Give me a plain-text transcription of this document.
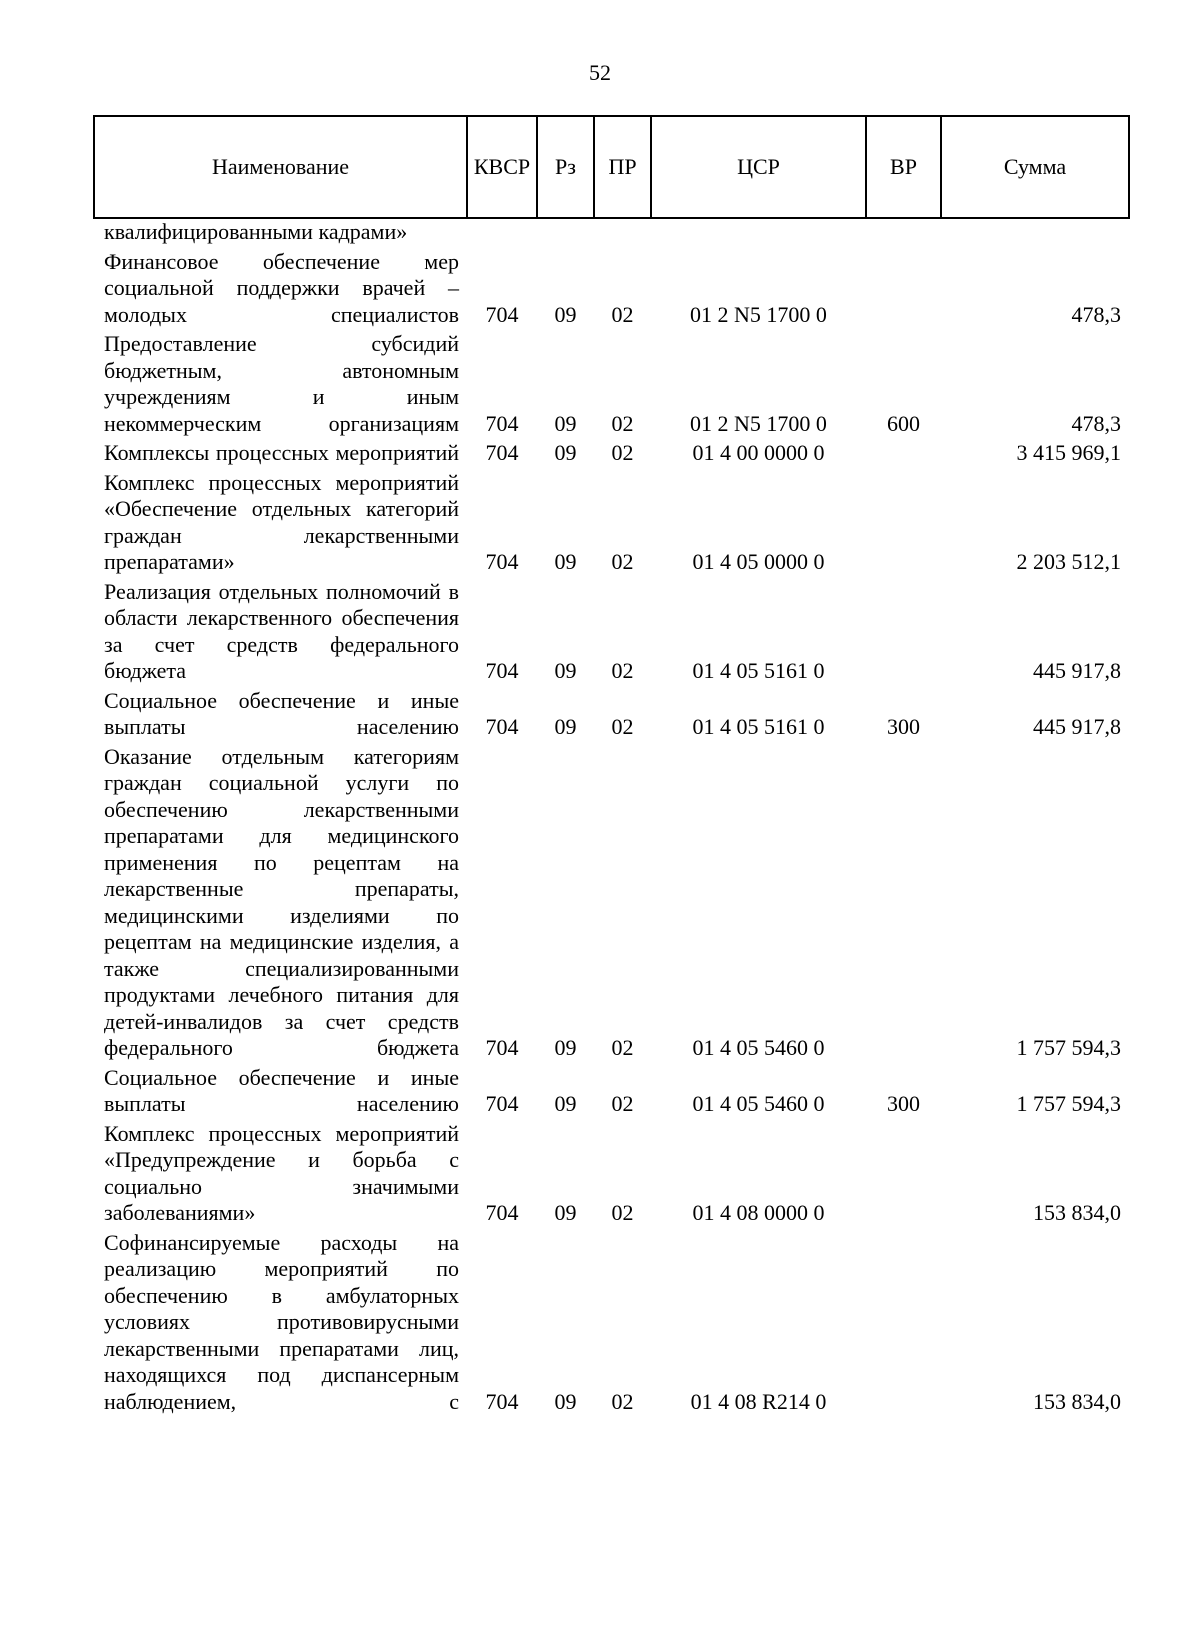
52
Наименование	КВСР	Рз	ПР	ЦСР	ВР	Сумма
квалифицированными кадрами»						
Финансовое обеспечение мер социальной поддержки врачей – молодых специалистов	704	09	02	01 2 N5 1700 0		478,3
Предоставление субсидий бюджетным, автономным учреждениям и иным некоммерческим организациям	704	09	02	01 2 N5 1700 0	600	478,3
Комплексы процессных мероприятий	704	09	02	01 4 00 0000 0		3 415 969,1
Комплекс процессных мероприятий «Обеспечение отдельных категорий граждан лекарственными препаратами»	704	09	02	01 4 05 0000 0		2 203 512,1
Реализация отдельных полномочий в области лекарственного обеспечения за счет средств федерального бюджета	704	09	02	01 4 05 5161 0		445 917,8
Социальное обеспечение и иные выплаты населению	704	09	02	01 4 05 5161 0	300	445 917,8
Оказание отдельным категориям граждан социальной услуги по обеспечению лекарственными препаратами для медицинского применения по рецептам на лекарственные препараты, медицинскими изделиями по рецептам на медицинские изделия, а также специализированными продуктами лечебного питания для детей-инвалидов за счет средств федерального бюджета	704	09	02	01 4 05 5460 0		1 757 594,3
Социальное обеспечение и иные выплаты населению	704	09	02	01 4 05 5460 0	300	1 757 594,3
Комплекс процессных мероприятий «Предупреждение и борьба с социально значимыми заболеваниями»	704	09	02	01 4 08 0000 0		153 834,0
Софинансируемые расходы на реализацию мероприятий по обеспечению в амбулаторных условиях противовирусными лекарственными препаратами лиц, находящихся под диспансерным наблюдением, с	704	09	02	01 4 08 R214 0		153 834,0
